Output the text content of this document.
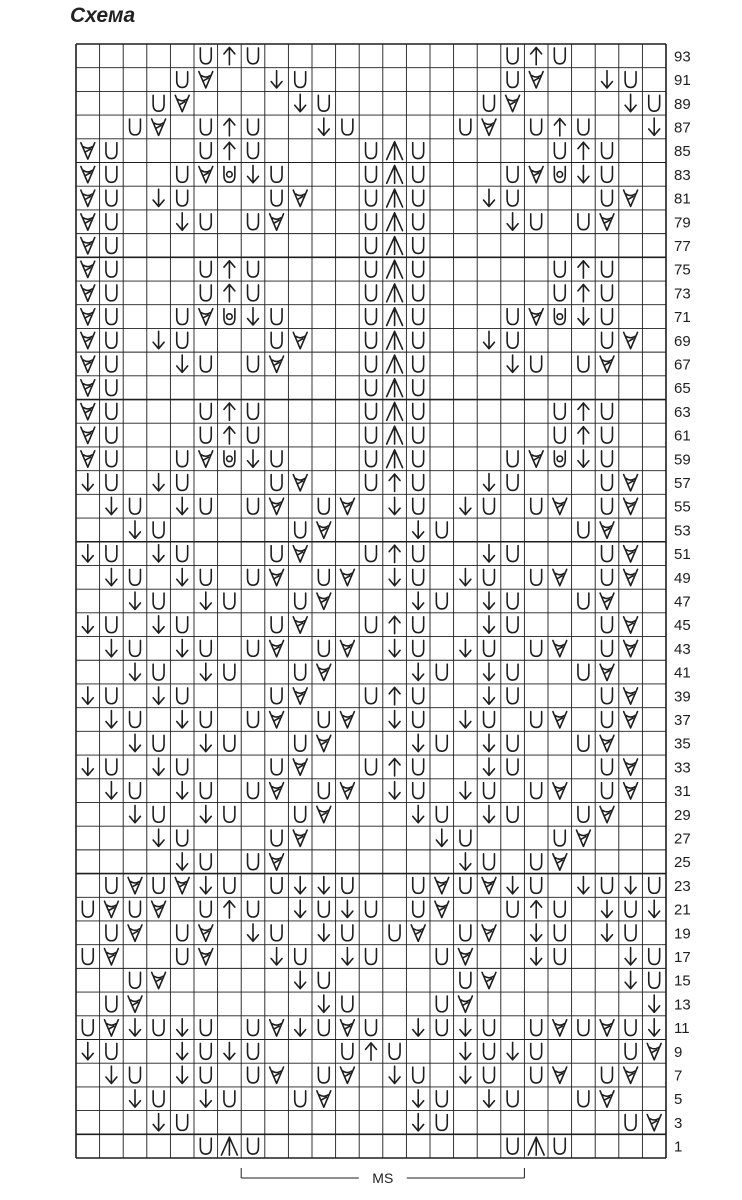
Схема
93
91
89
87
85
83
81
79
77
75
73
71
69
67
65
63
61
59
57
55
53
51
49
47
45
43
41
39
37
35
33
31
29
27
25
23
21
19
17
15
13
11
9
7
5
3
1
MS
